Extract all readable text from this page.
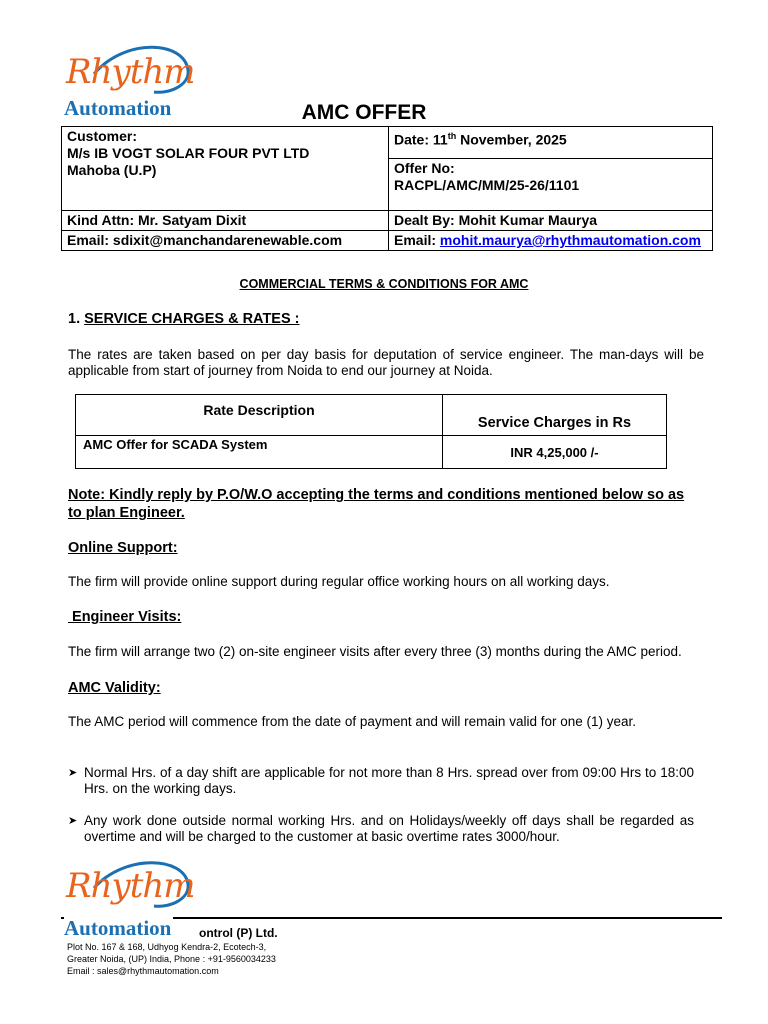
Rhythm
Automation	AMC OFFER
Customer:
M/s IB VOGT SOLAR FOUR PVT LTD
Mahoba (U.P)	Date: 11th November, 2025

	Offer No:
RACPL/AMC/MM/25-26/1101

Kind Attn: Mr. Satyam Dixit	Dealt By: Mohit Kumar Maurya
Email: sdixit@manchandarenewable.com	Email: mohit.maurya@rhythmautomation.com
COMMERCIAL TERMS & CONDITIONS FOR AMC
1. SERVICE CHARGES & RATES :
The rates are taken based on per day basis for deputation of service engineer. The man-days will be applicable from start of journey from Noida to end our journey at Noida.
Rate Description	Service Charges in Rs

AMC Offer for SCADA System	INR 4,25,000 /-
Note: Kindly reply by P.O/W.O accepting the terms and conditions mentioned below so as to plan Engineer.
Online Support:
The firm will provide online support during regular office working hours on all working days.
Engineer Visits:
The firm will arrange two (2) on-site engineer visits after every three (3) months during the AMC period.
AMC Validity:
The AMC period will commence from the date of payment and will remain valid for one (1) year.
➤ Normal Hrs. of a day shift are applicable for not more than 8 Hrs. spread over from 09:00 Hrs to 18:00 Hrs. on the working days.
➤ Any work done outside normal working Hrs. and on Holidays/weekly off days shall be regarded as overtime and will be charged to the customer at basic overtime rates 3000/hour.
Rhythm
Automation ontrol (P) Ltd.
Plot No. 167 & 168, Udhyog Kendra-2, Ecotech-3,
Greater Noida, (UP) India, Phone : +91-9560034233
Email : sales@rhythmautomation.com
